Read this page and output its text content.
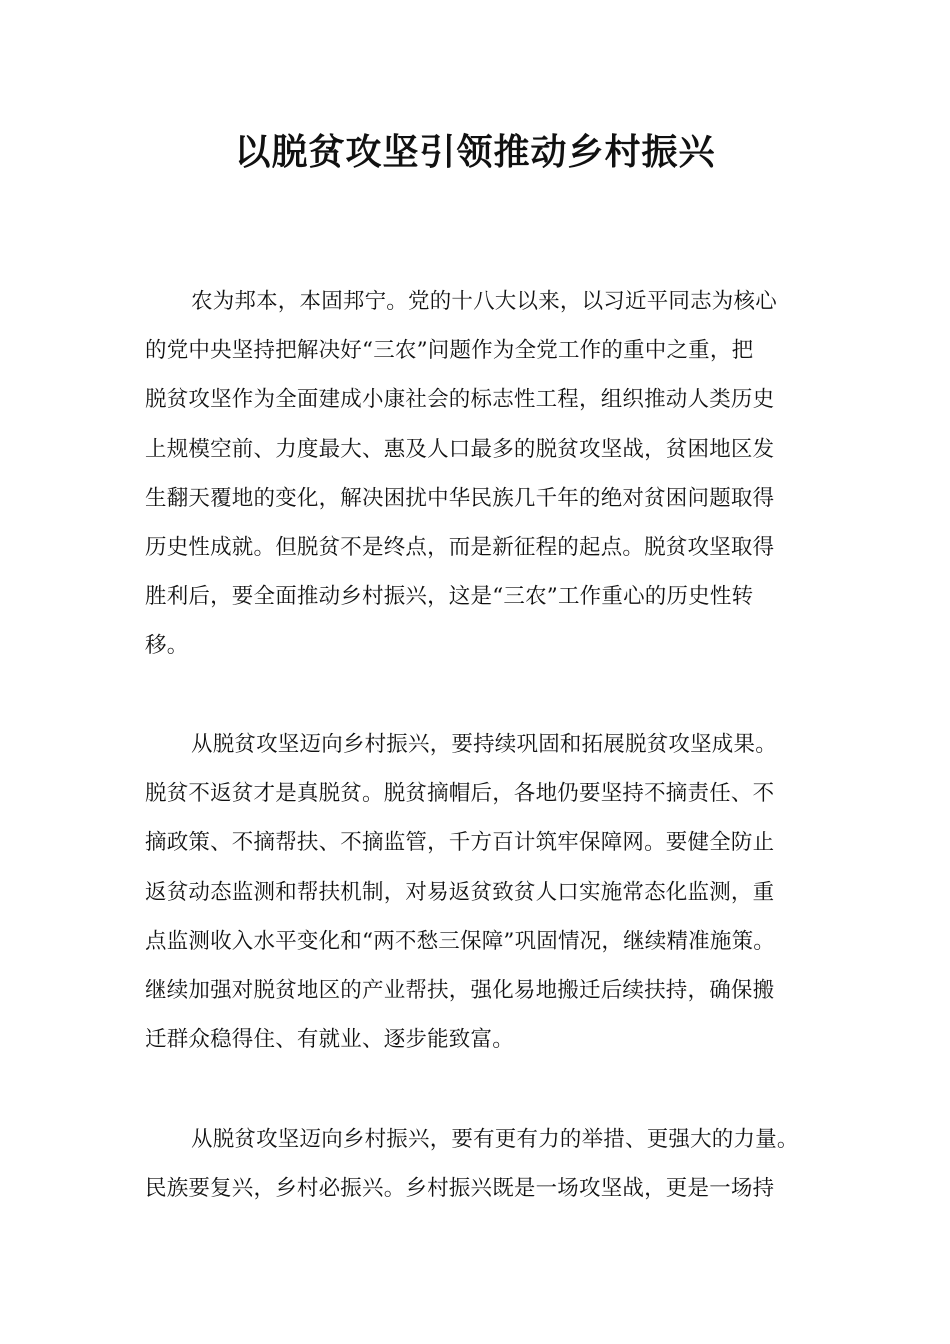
以脱贫攻坚引领推动乡村振兴
农为邦本，本固邦宁。党的十八大以来，以习近平同志为核心
的党中央坚持把解决好“三农”问题作为全党工作的重中之重，把
脱贫攻坚作为全面建成小康社会的标志性工程，组织推动人类历史
上规模空前、力度最大、惠及人口最多的脱贫攻坚战，贫困地区发
生翻天覆地的变化，解决困扰中华民族几千年的绝对贫困问题取得
历史性成就。但脱贫不是终点，而是新征程的起点。脱贫攻坚取得
胜利后，要全面推动乡村振兴，这是“三农”工作重心的历史性转
移。
从脱贫攻坚迈向乡村振兴，要持续巩固和拓展脱贫攻坚成果。
脱贫不返贫才是真脱贫。脱贫摘帽后，各地仍要坚持不摘责任、不
摘政策、不摘帮扶、不摘监管，千方百计筑牢保障网。要健全防止
返贫动态监测和帮扶机制，对易返贫致贫人口实施常态化监测，重
点监测收入水平变化和“两不愁三保障”巩固情况，继续精准施策。
继续加强对脱贫地区的产业帮扶，强化易地搬迁后续扶持，确保搬
迁群众稳得住、有就业、逐步能致富。
从脱贫攻坚迈向乡村振兴，要有更有力的举措、更强大的力量。
民族要复兴，乡村必振兴。乡村振兴既是一场攻坚战，更是一场持
